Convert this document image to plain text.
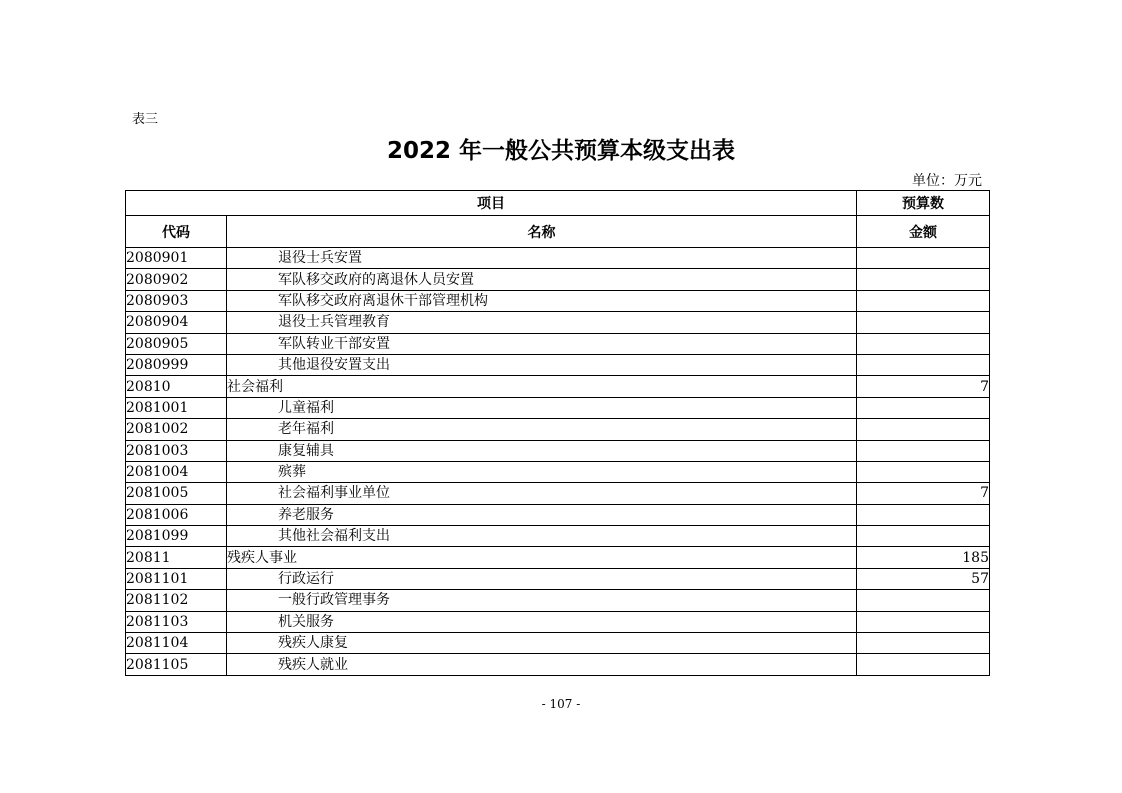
表三
2022 年一般公共预算本级支出表
单位：万元
项目		预算数
代码	名称	金额
2080901	退役士兵安置	
2080902	军队移交政府的离退休人员安置	
2080903	军队移交政府离退休干部管理机构	
2080904	退役士兵管理教育	
2080905	军队转业干部安置	
2080999	其他退役安置支出	
20810	社会福利	7
2081001	儿童福利	
2081002	老年福利	
2081003	康复辅具	
2081004	殡葬	
2081005	社会福利事业单位	7
2081006	养老服务	
2081099	其他社会福利支出	
20811	残疾人事业	185
2081101	行政运行	57
2081102	一般行政管理事务	
2081103	机关服务	
2081104	残疾人康复	
2081105	残疾人就业	
- 107 -
